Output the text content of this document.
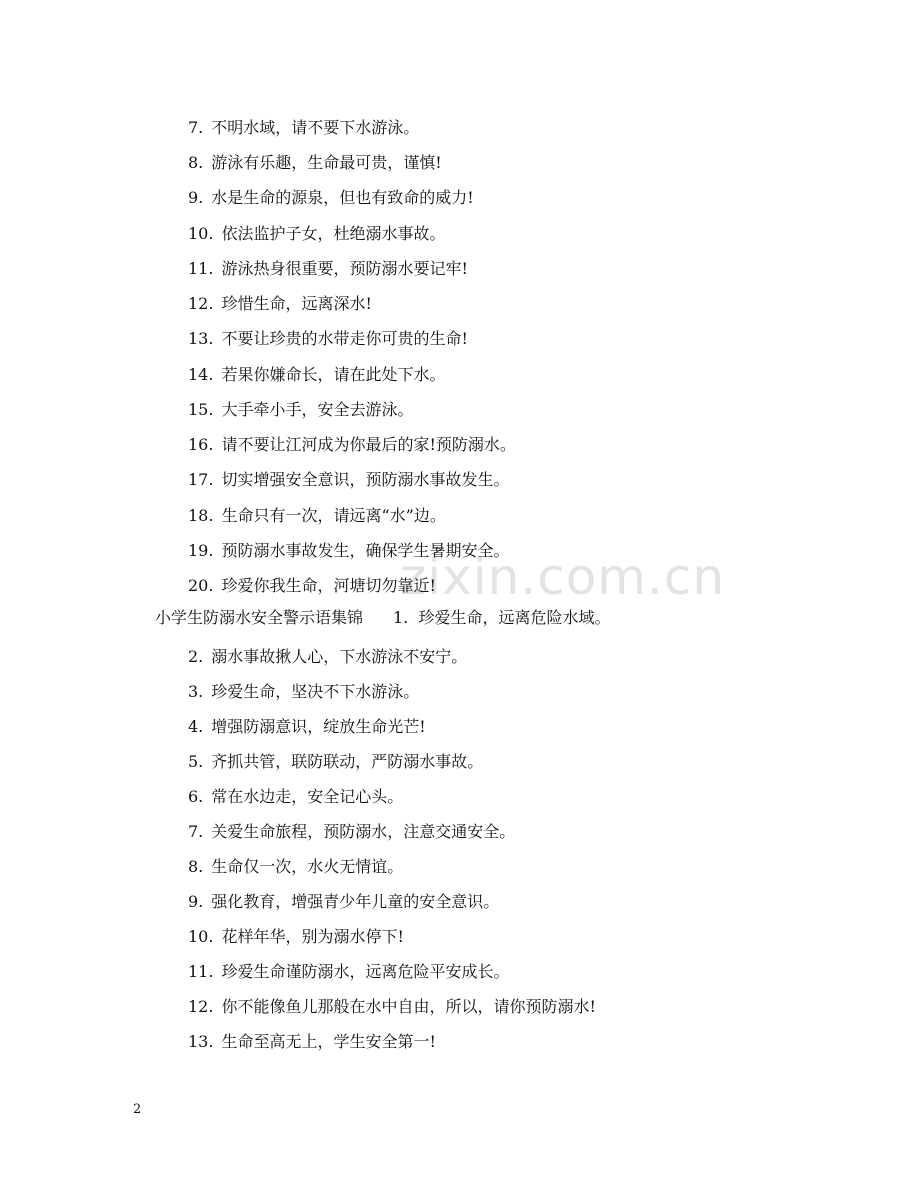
zixin.com.cn
7. 不明水域，请不要下水游泳。
8. 游泳有乐趣，生命最可贵，谨慎!
9. 水是生命的源泉，但也有致命的威力!
10. 依法监护子女，杜绝溺水事故。
11. 游泳热身很重要，预防溺水要记牢!
12. 珍惜生命，远离深水!
13. 不要让珍贵的水带走你可贵的生命!
14. 若果你嫌命长，请在此处下水。
15. 大手牵小手，安全去游泳。
16. 请不要让江河成为你最后的家!预防溺水。
17. 切实增强安全意识，预防溺水事故发生。
18. 生命只有一次，请远离“水”边。
19. 预防溺水事故发生，确保学生暑期安全。
20. 珍爱你我生命，河塘切勿靠近!
小学生防溺水安全警示语集锦 1. 珍爱生命，远离危险水域。
2. 溺水事故揪人心，下水游泳不安宁。
3. 珍爱生命，坚决不下水游泳。
4. 增强防溺意识，绽放生命光芒!
5. 齐抓共管，联防联动，严防溺水事故。
6. 常在水边走，安全记心头。
7. 关爱生命旅程，预防溺水，注意交通安全。
8. 生命仅一次，水火无情谊。
9. 强化教育，增强青少年儿童的安全意识。
10. 花样年华，别为溺水停下!
11. 珍爱生命谨防溺水，远离危险平安成长。
12. 你不能像鱼儿那般在水中自由，所以，请你预防溺水!
13. 生命至高无上，学生安全第一!
2
